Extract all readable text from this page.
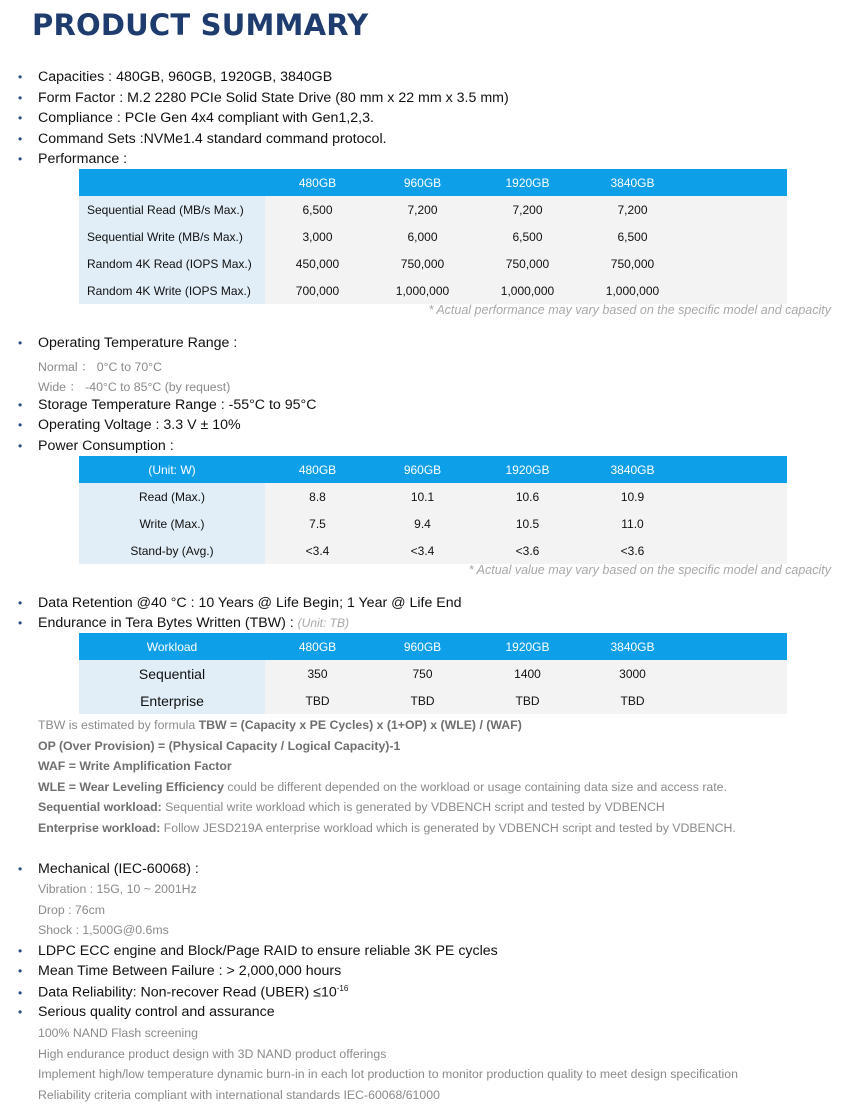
PRODUCT SUMMARY
• Capacities : 480GB, 960GB, 1920GB, 3840GB
• Form Factor : M.2 2280 PCIe Solid State Drive (80 mm x 22 mm x 3.5 mm)
• Compliance : PCIe Gen 4x4 compliant with Gen1,2,3.
• Command Sets :NVMe1.4 standard command protocol.
• Performance :
	480GB	960GB	1920GB	3840GB	
Sequential Read (MB/s Max.)	6,500	7,200	7,200	7,200	
Sequential Write (MB/s Max.)	3,000	6,000	6,500	6,500	
Random 4K Read (IOPS Max.)	450,000	750,000	750,000	750,000	
Random 4K Write (IOPS Max.)	700,000	1,000,000	1,000,000	1,000,000	
* Actual performance may vary based on the specific model and capacity
• Operating Temperature Range :
Normal ： 0°C to 70°C
Wide ： -40°C to 85°C (by request)
• Storage Temperature Range : -55°C to 95°C
• Operating Voltage : 3.3 V ± 10%
• Power Consumption :
(Unit: W)	480GB	960GB	1920GB	3840GB	
Read (Max.)	8.8	10.1	10.6	10.9	
Write (Max.)	7.5	9.4	10.5	11.0	
Stand-by (Avg.)	<3.4	<3.4	<3.6	<3.6	
* Actual value may vary based on the specific model and capacity
• Data Retention @40 °C : 10 Years @ Life Begin; 1 Year @ Life End
• Endurance in Tera Bytes Written (TBW) : (Unit: TB)
Workload	480GB	960GB	1920GB	3840GB	
Sequential	350	750	1400	3000	
Enterprise	TBD	TBD	TBD	TBD	
TBW is estimated by formula TBW = (Capacity x PE Cycles) x (1+OP) x (WLE) / (WAF)
OP (Over Provision) = (Physical Capacity / Logical Capacity)-1
WAF = Write Amplification Factor
WLE = Wear Leveling Efficiency could be different depended on the workload or usage containing data size and access rate.
Sequential workload: Sequential write workload which is generated by VDBENCH script and tested by VDBENCH
Enterprise workload: Follow JESD219A enterprise workload which is generated by VDBENCH script and tested by VDBENCH.
• Mechanical (IEC-60068) :
Vibration : 15G, 10 ~ 2001Hz
Drop : 76cm
Shock : 1,500G@0.6ms
• LDPC ECC engine and Block/Page RAID to ensure reliable 3K PE cycles
• Mean Time Between Failure : > 2,000,000 hours
• Data Reliability: Non-recover Read (UBER) $\le 10^{-16}$
• Serious quality control and assurance
100% NAND Flash screening
High endurance product design with 3D NAND product offerings
Implement high/low temperature dynamic burn-in in each lot production to monitor production quality to meet design specification
Reliability criteria compliant with international standards IEC-60068/61000
